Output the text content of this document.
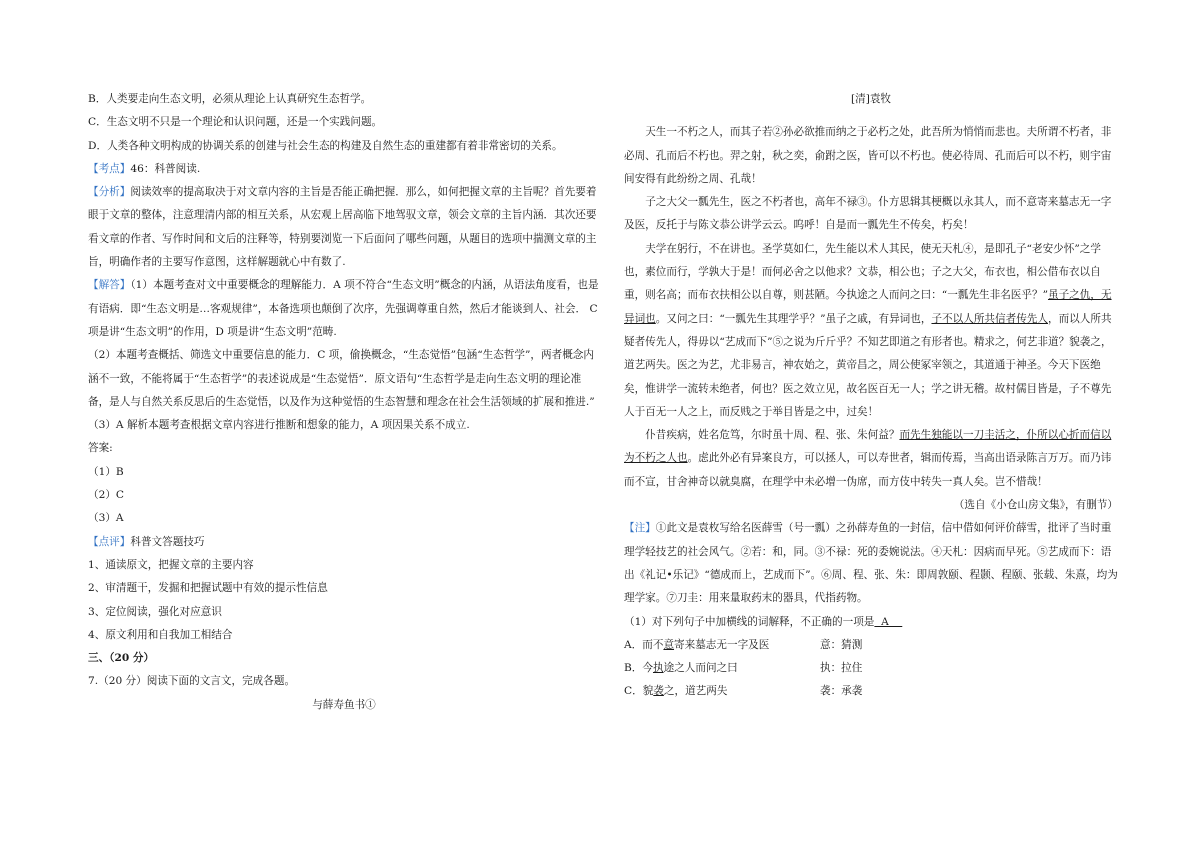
B．人类要走向生态文明，必须从理论上认真研究生态哲学。

C．生态文明不只是一个理论和认识问题，还是一个实践问题。

D．人类各种文明构成的协调关系的创建与社会生态的构建及自然生态的重建都有着非常密切的关系。

【考点】46：科普阅读.

【分析】阅读效率的提高取决于对文章内容的主旨是否能正确把握．那么，如何把握文章的主旨呢？首先要着眼于文章的整体，注意理清内部的相互关系，从宏观上居高临下地驾驭文章，领会文章的主旨内涵．其次还要看文章的作者、写作时间和文后的注释等，特别要浏览一下后面问了哪些问题，从题目的选项中揣测文章的主旨，明确作者的主要写作意图，这样解题就心中有数了.

【解答】（1）本题考查对文中重要概念的理解能力．A 项不符合“生态文明”概念的内涵，从语法角度看，也是有语病．即“生态文明是…客观规律”，本备选项也颠倒了次序，先强调尊重自然，然后才能谈到人、社会． C 项是讲“生态文明”的作用，D 项是讲“生态文明”范畴.

（2）本题考查概括、筛选文中重要信息的能力．C 项，偷换概念，“生态觉悟”包涵“生态哲学”，两者概念内涵不一致，不能将属于“生态哲学”的表述说成是“生态觉悟”．原文语句“生态哲学是走向生态文明的理论准备，是人与自然关系反思后的生态觉悟，以及作为这种觉悟的生态智慧和理念在社会生活领域的扩展和推进.”

（3）A 解析本题考查根据文章内容进行推断和想象的能力，A 项因果关系不成立.

答案:

（1）B

（2）C

（3）A

【点评】科普文答题技巧

1、通读原文，把握文章的主要内容

2、审清题干，发掘和把握试题中有效的提示性信息

3、定位阅读，强化对应意识

4、原文利用和自我加工相结合

三、（20 分）

7.（20 分）阅读下面的文言文，完成各题。

与薛寿鱼书①

[清]袁牧

天生一不朽之人，而其子若②孙必欲推而纳之于必朽之处，此吾所为悄悄而悲也。夫所谓不朽者，非必周、孔而后不朽也。羿之射，秋之奕，俞跗之医，皆可以不朽也。使必待周、孔而后可以不朽，则宇宙间安得有此纷纷之周、孔哉！

子之大父一瓢先生，医之不朽者也，高年不禄③。仆方思辑其梗概以永其人，而不意寄来墓志无一字及医，反托于与陈文恭公讲学云云。呜呼！自是而一瓢先生不传矣，朽矣！

夫学在躬行，不在讲也。圣学莫如仁，先生能以术人其民，使无天札④，是即孔子“老安少怀”之学也，素位而行，学孰大于是！而何必舍之以他求？文恭，相公也；子之大父，布衣也，相公借布衣以自重，则名高；而布衣扶相公以自尊，则甚陋。今执途之人而问之曰：“一瓢先生非名医乎？”虽子之仇，无异词也。又问之曰：“一瓢先生其理学乎？”虽子之戚，有异词也，子不以人所共信者传先人，而以人所共疑者传先人，得毋以“艺成而下”⑤之说为斤斤乎？不知艺即道之有形者也。精求之，何艺非道？貌袭之，道艺两失。医之为艺，尤非易言，神农始之，黄帝昌之，周公使冢宰领之，其道通于神圣。今天下医绝矣，惟讲学一流转未绝者，何也？医之效立见，故名医百无一人；学之讲无稽。故村儒目皆是，子不尊先人于百无一人之上，而反贱之于举目皆是之中，过矣！

仆昔疾病，姓名危笃，尔时虽十周、程、张、朱何益？而先生独能以一刀圭活之，仆所以心折而信以为不朽之人也。虑此外必有异案良方，可以拯人，可以寿世者，辑而传焉，当高出语录陈言万万。而乃讳而不宣，甘舍神奇以就臭腐，在理学中未必增一伪席，而方伎中转失一真人矣。岂不惜哉！

（选自《小仓山房文集》，有删节）

【注】①此文是袁枚写给名医薛雪（号一瓢）之孙薛寿鱼的一封信，信中借如何评价薛雪，批评了当时重理学轻技艺的社会风气。②若：和，同。③不禄：死的委婉说法。④天札：因病而早死。⑤艺成而下：语出《礼记•乐记》“德成而上，艺成而下”。⑥周、程、张、朱：即周敦颐、程颢、程颐、张载、朱熹，均为理学家。⑦刀圭：用来量取药末的器具，代指药物。

（1）对下列句子中加横线的词解释，不正确的一项是  A

A．而不意寄来墓志无一字及医	意：猜测
B．今执途之人而问之曰	执：拉住
C．貌袭之，道艺两失	袭：承袭
